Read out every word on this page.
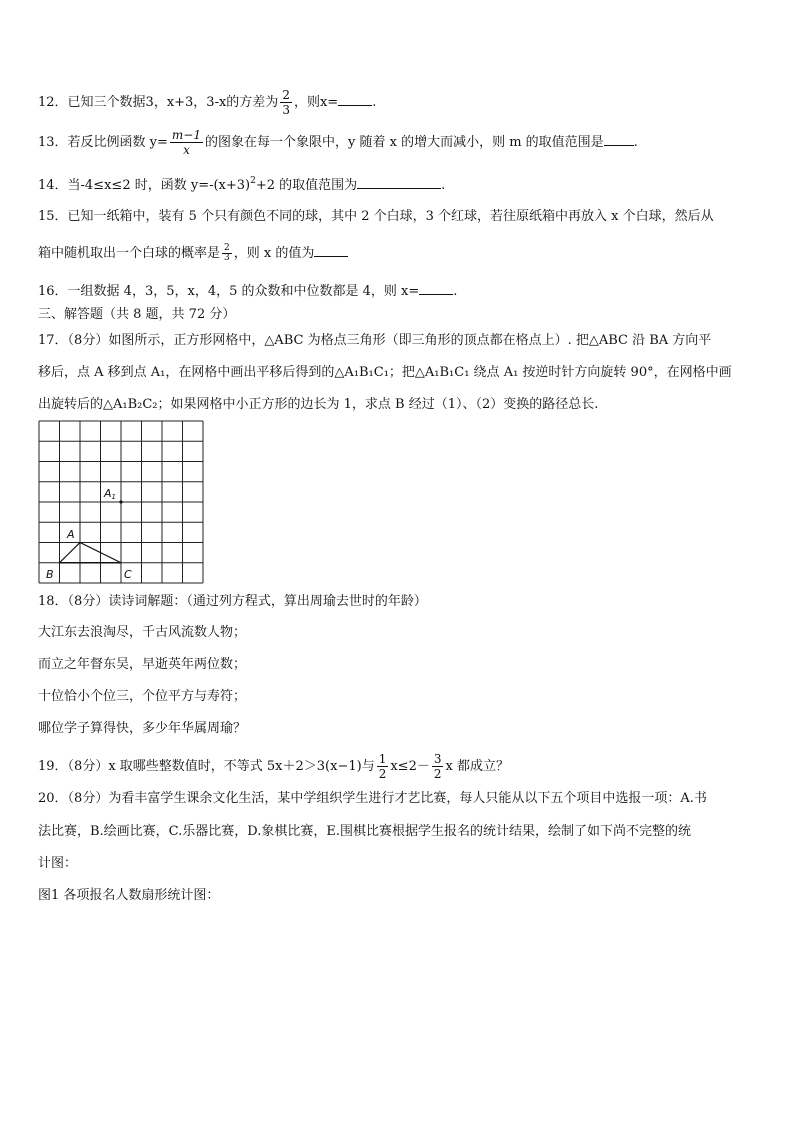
12．已知三个数据3，x+3，3-x的方差为 $\frac{2}{3}$ ，则x=	.
13．若反比例函数 $y= \frac{m-1}{x}$ 的图象在每一个象限中，y 随着 x 的增大而减小，则 m 的取值范围是 .
14．当-4≤x≤2 时，函数 $y=-(x+3)^2+2$ 的取值范围为	.
15．已知一纸箱中，装有 5 个只有颜色不同的球，其中 2 个白球，3 个红球，若往原纸箱中再放入 x 个白球，然后从
箱中随机取出一个白球的概率是 $\frac{2}{3}$ ，则 x 的值为
16．一组数据 4，3，5，x，4，5 的众数和中位数都是 4，则 x=	.
三、解答题（共 8 题，共 72 分）
17．（8分）如图所示，正方形网格中，△ABC 为格点三角形（即三角形的顶点都在格点上）. 把△ABC 沿 BA 方向平
移后，点 A 移到点 A₁，在网格中画出平移后得到的△A₁B₁C₁；把△A₁B₁C₁ 绕点 A₁ 按逆时针方向旋转 90°，在网格中画
出旋转后的△A₁B₂C₂；如果网格中小正方形的边长为 1，求点 B 经过（1）、（2）变换的路径总长.
A1
A
B	C
18．（8分）读诗词解题：（通过列方程式，算出周瑜去世时的年龄）
大江东去浪淘尽，千古风流数人物；
而立之年督东吴，早逝英年两位数；
十位恰小个位三，个位平方与寿符；
哪位学子算得快，多少年华属周瑜？
19．（8分）x 取哪些整数值时，不等式 5x＋2＞3(x−1)与 $\frac{1}{2} x\le 2- \frac{3}{2}$ x 都成立？
20．（8分）为看丰富学生课余文化生活，某中学组织学生进行才艺比赛，每人只能从以下五个项目中选报一项：A.书
法比赛，B.绘画比赛，C.乐器比赛，D.象棋比赛，E.围棋比赛根据学生报名的统计结果，绘制了如下尚不完整的统
计图：
图1 各项报名人数扇形统计图：
